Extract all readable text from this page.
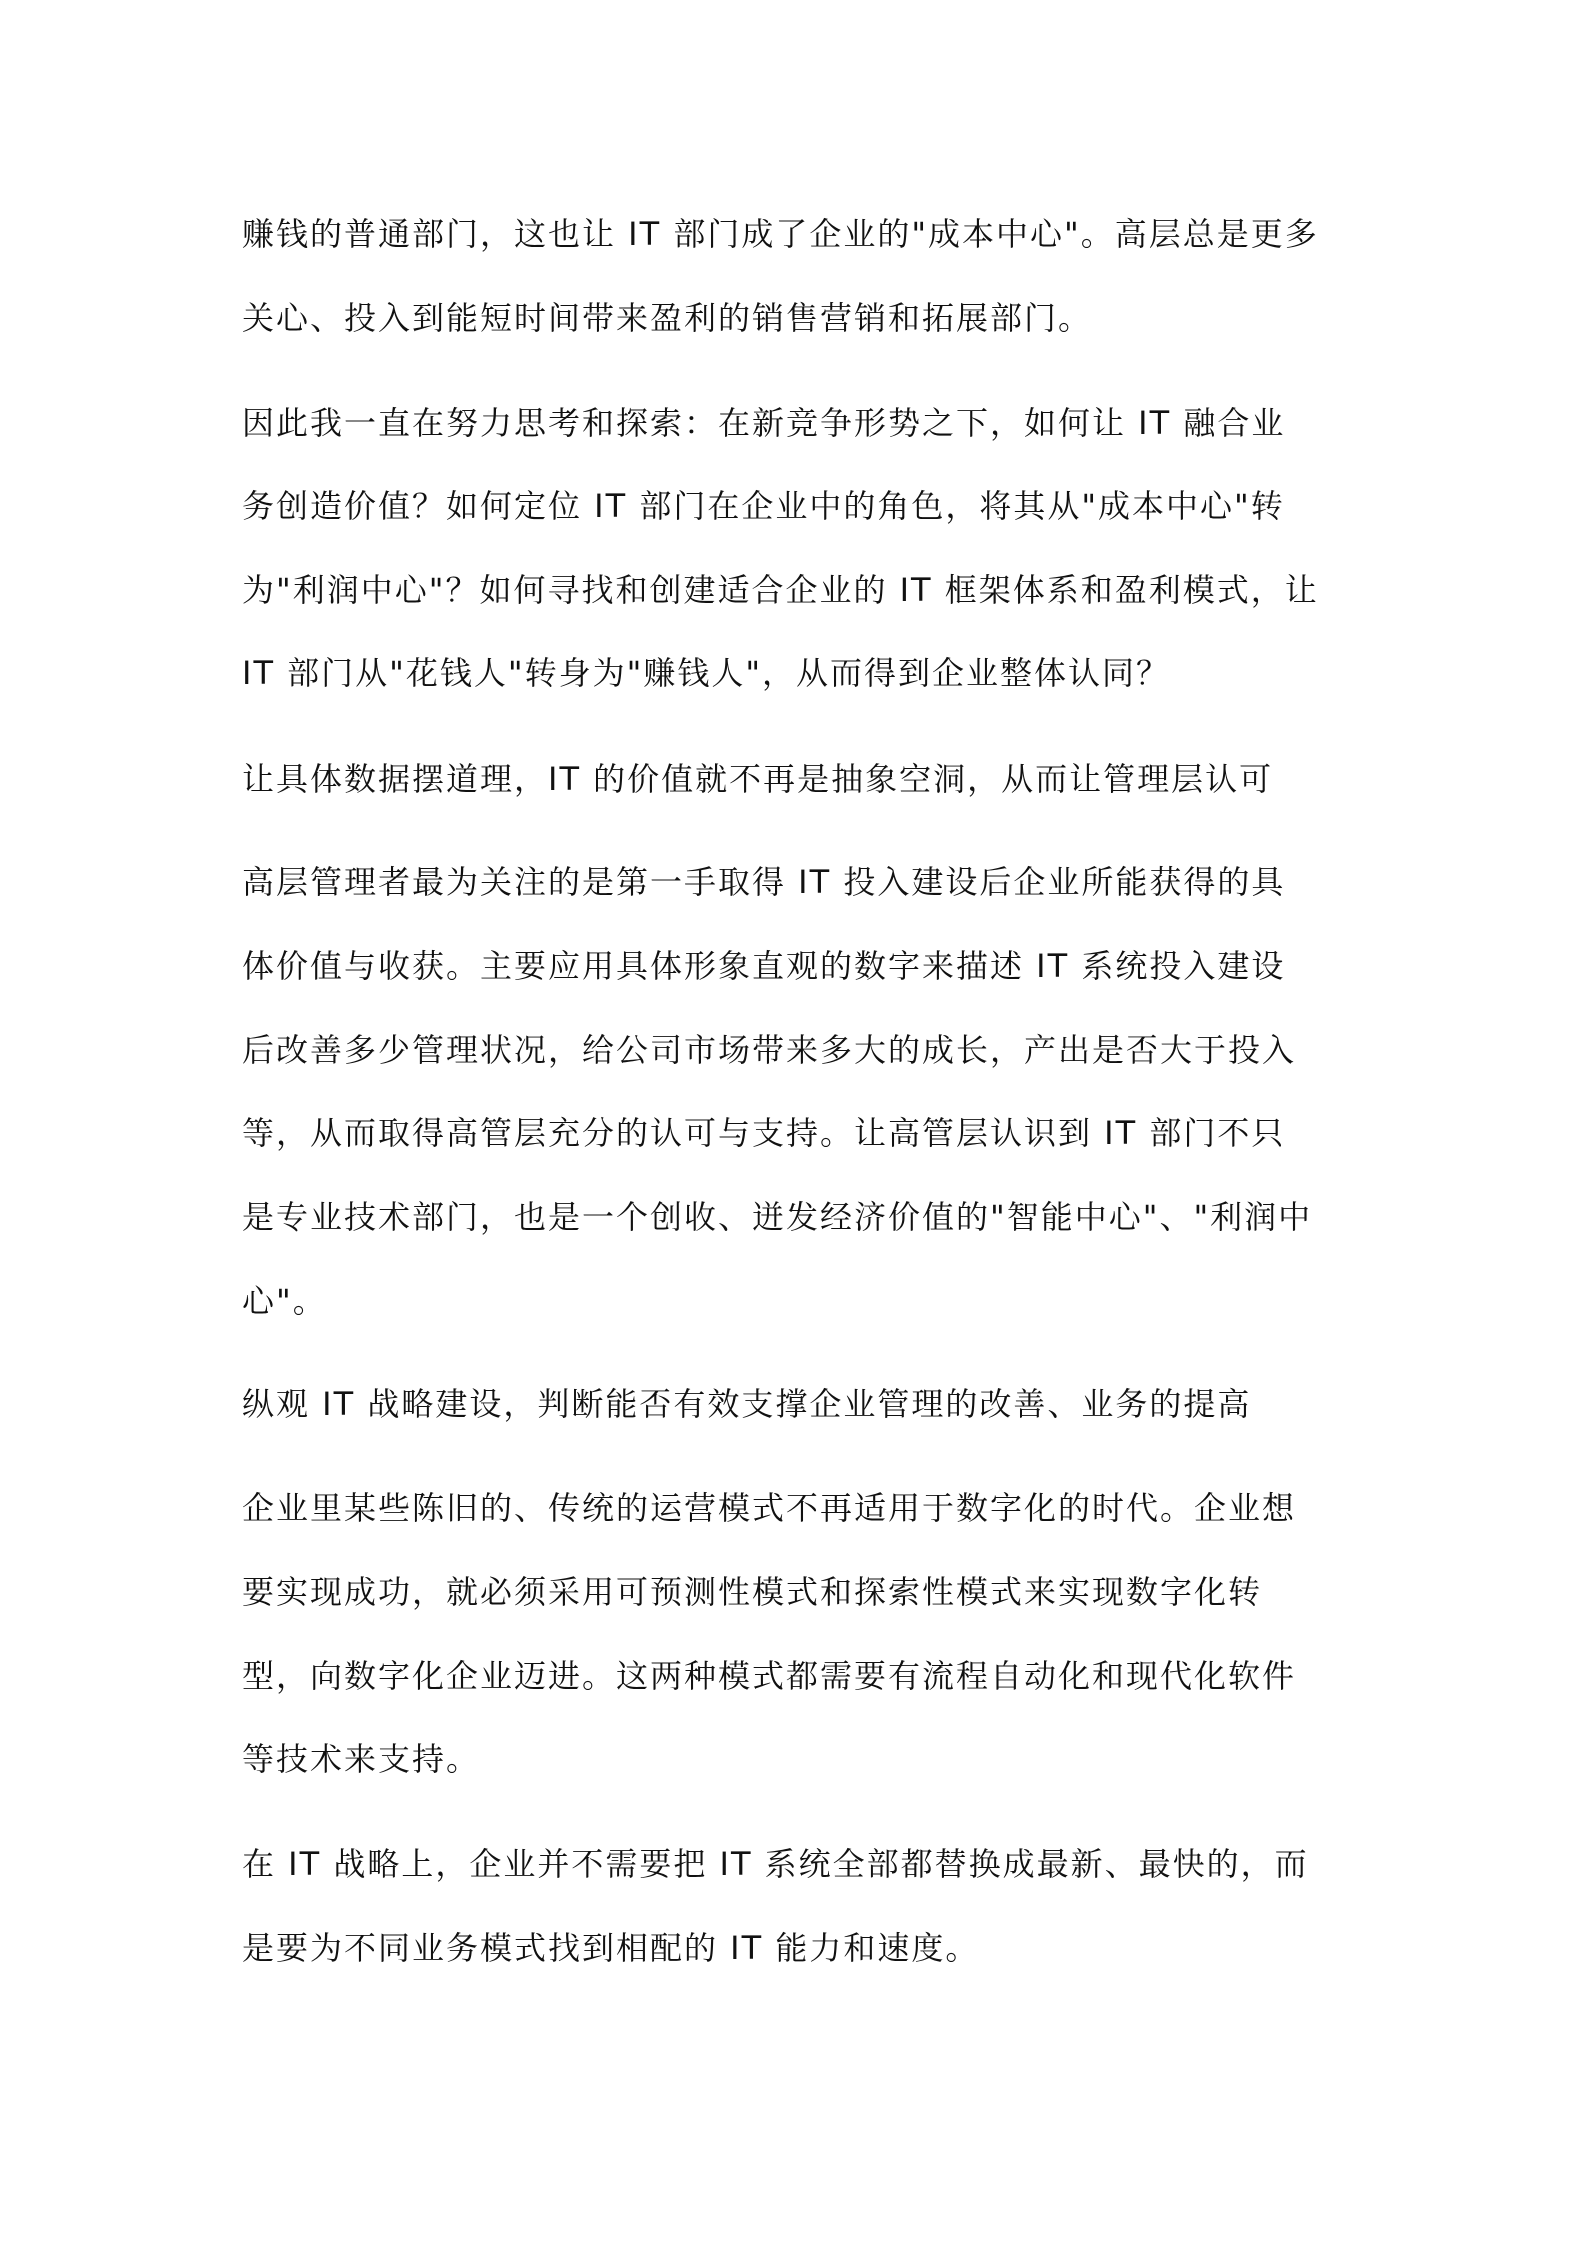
赚钱的普通部门，这也让 IT 部门成了企业的"成本中心"。高层总是更多
关心、投入到能短时间带来盈利的销售营销和拓展部门。
因此我一直在努力思考和探索：在新竞争形势之下，如何让 IT 融合业
务创造价值？如何定位 IT 部门在企业中的角色，将其从"成本中心"转
为"利润中心"？如何寻找和创建适合企业的 IT 框架体系和盈利模式，让
IT 部门从"花钱人"转身为"赚钱人"，从而得到企业整体认同？
让具体数据摆道理，IT 的价值就不再是抽象空洞，从而让管理层认可
高层管理者最为关注的是第一手取得 IT 投入建设后企业所能获得的具
体价值与收获。主要应用具体形象直观的数字来描述 IT 系统投入建设
后改善多少管理状况，给公司市场带来多大的成长，产出是否大于投入
等，从而取得高管层充分的认可与支持。让高管层认识到 IT 部门不只
是专业技术部门，也是一个创收、迸发经济价值的"智能中心"、"利润中
心"。
纵观 IT 战略建设，判断能否有效支撑企业管理的改善、业务的提高
企业里某些陈旧的、传统的运营模式不再适用于数字化的时代。企业想
要实现成功，就必须采用可预测性模式和探索性模式来实现数字化转
型，向数字化企业迈进。这两种模式都需要有流程自动化和现代化软件
等技术来支持。
在 IT 战略上，企业并不需要把 IT 系统全部都替换成最新、最快的，而
是要为不同业务模式找到相配的 IT 能力和速度。
